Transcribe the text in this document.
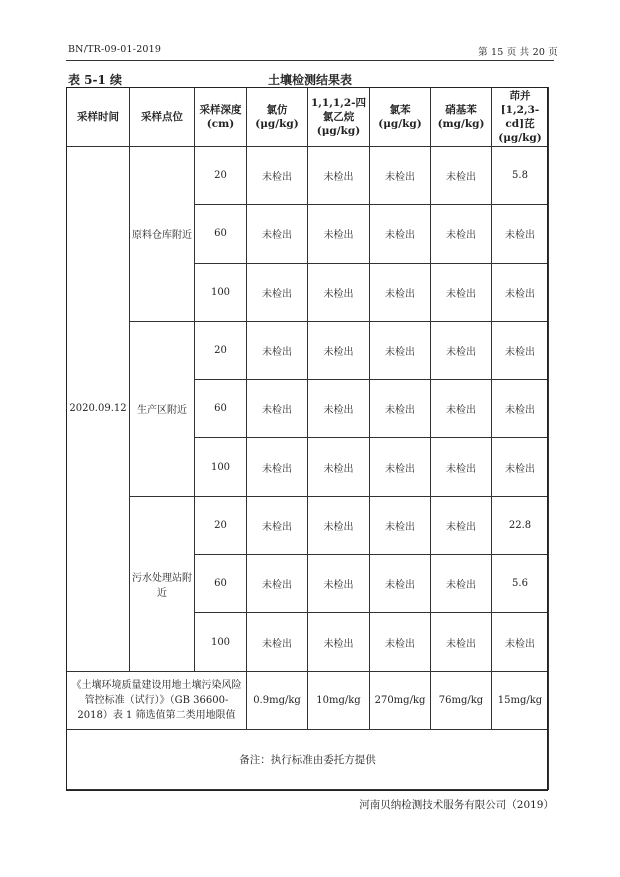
BN/TR-09-01-2019	第 15 页 共 20 页
表 5-1 续	土壤检测结果表
采样时间	采样点位	采样深度(cm)	氯仿(μg/kg)	1,1,1,2-四氯乙烷(μg/kg)	氯苯(μg/kg)	硝基苯(mg/kg)	茚并[1,2,3-cd]芘(μg/kg)
2020.09.12	原料仓库附近	20	未检出	未检出	未检出	未检出	5.8
		60	未检出	未检出	未检出	未检出	未检出
		100	未检出	未检出	未检出	未检出	未检出
	生产区附近	20	未检出	未检出	未检出	未检出	未检出
		60	未检出	未检出	未检出	未检出	未检出
		100	未检出	未检出	未检出	未检出	未检出
	污水处理站附近	20	未检出	未检出	未检出	未检出	22.8
		60	未检出	未检出	未检出	未检出	5.6
		100	未检出	未检出	未检出	未检出	未检出
《土壤环境质量建设用地土壤污染风险管控标准（试行）》（GB 36600-2018）表 1 筛选值第二类用地限值			0.9mg/kg	10mg/kg	270mg/kg	76mg/kg	15mg/kg
备注：执行标准由委托方提供							
河南贝纳检测技术服务有限公司（2019）
